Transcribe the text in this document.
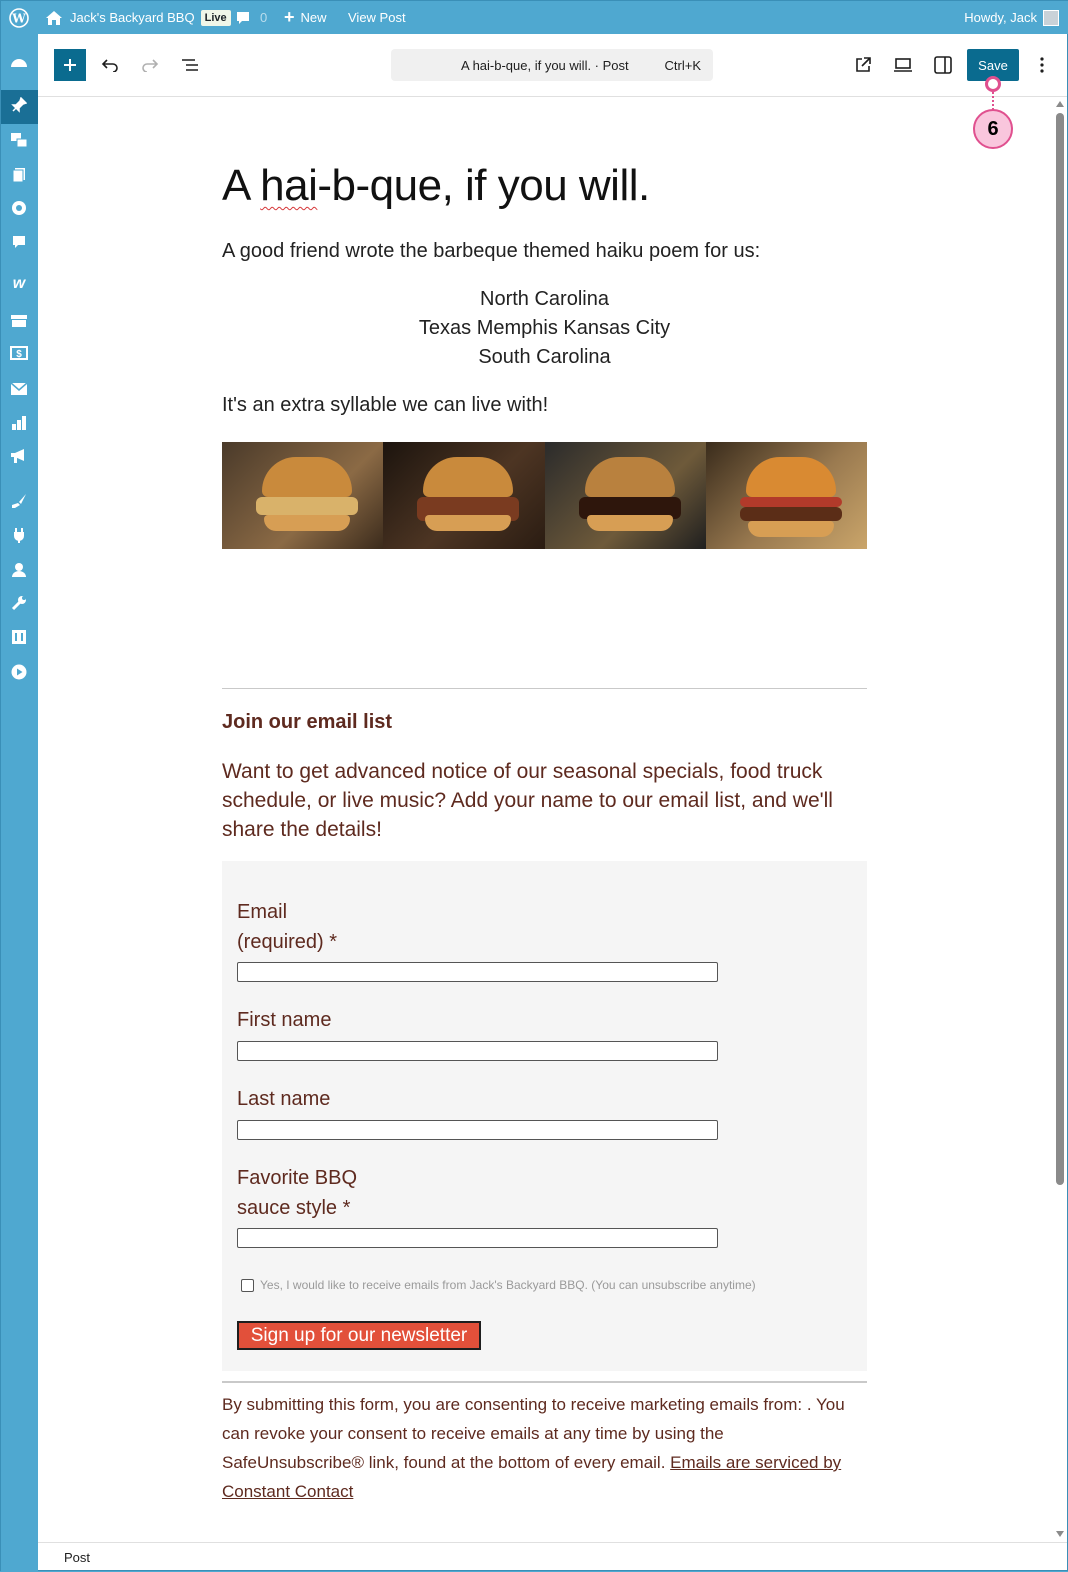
W	Jack's Backyard BBQ Live	0 + New View Post	Howdy, Jack
w
$
A hai-b-que, if you will. · Post	Ctrl+K	Save
6
A hai-b-que, if you will.

A good friend wrote the barbeque themed haiku poem for us:

North Carolina

Texas Memphis Kansas City

South Carolina

It's an extra syllable we can live with!

Join our email list

Want to get advanced notice of our seasonal specials, food truck schedule, or live music? Add your name to our email list, and we'll share the details!

Email
(required) *
First name
Last name
Favorite BBQ
sauce style *
Yes, I would like to receive emails from Jack's Backyard BBQ. (You can unsubscribe anytime)
Sign up for our newsletter

By submitting this form, you are consenting to receive marketing emails from: . You can revoke your consent to receive emails at any time by using the SafeUnsubscribe® link, found at the bottom of every email. Emails are serviced by Constant Contact

Post
